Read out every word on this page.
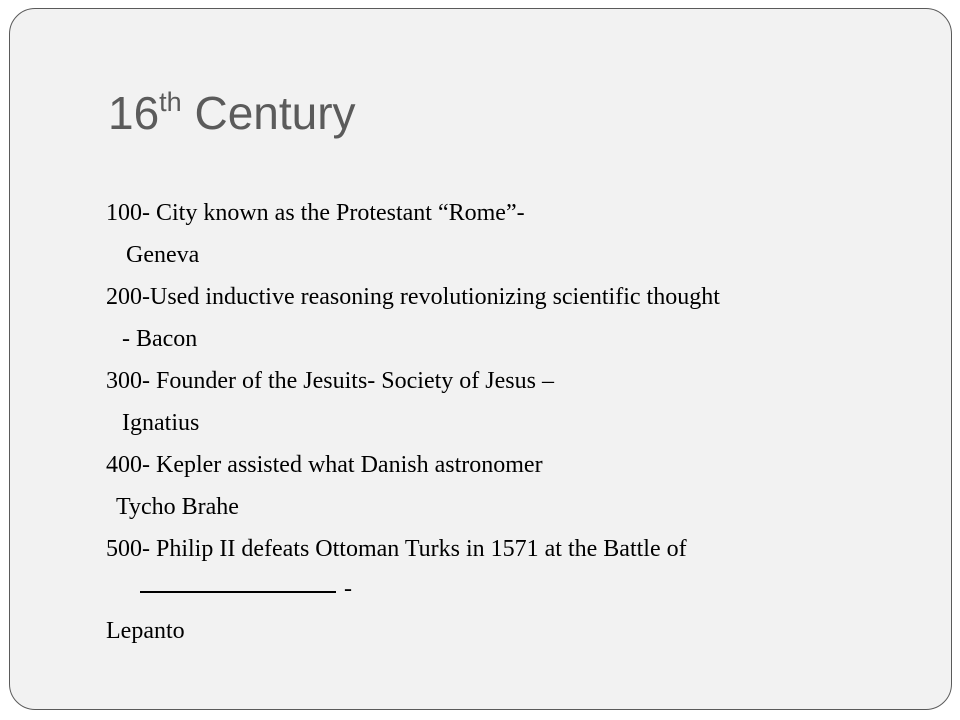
16th Century
100- City known as the Protestant “Rome”-
Geneva
200-Used inductive reasoning revolutionizing scientific thought
- Bacon
300- Founder of the Jesuits- Society of Jesus –
Ignatius
400- Kepler assisted what Danish astronomer
Tycho Brahe
500- Philip II defeats Ottoman Turks in 1571 at the Battle of
-
Lepanto
